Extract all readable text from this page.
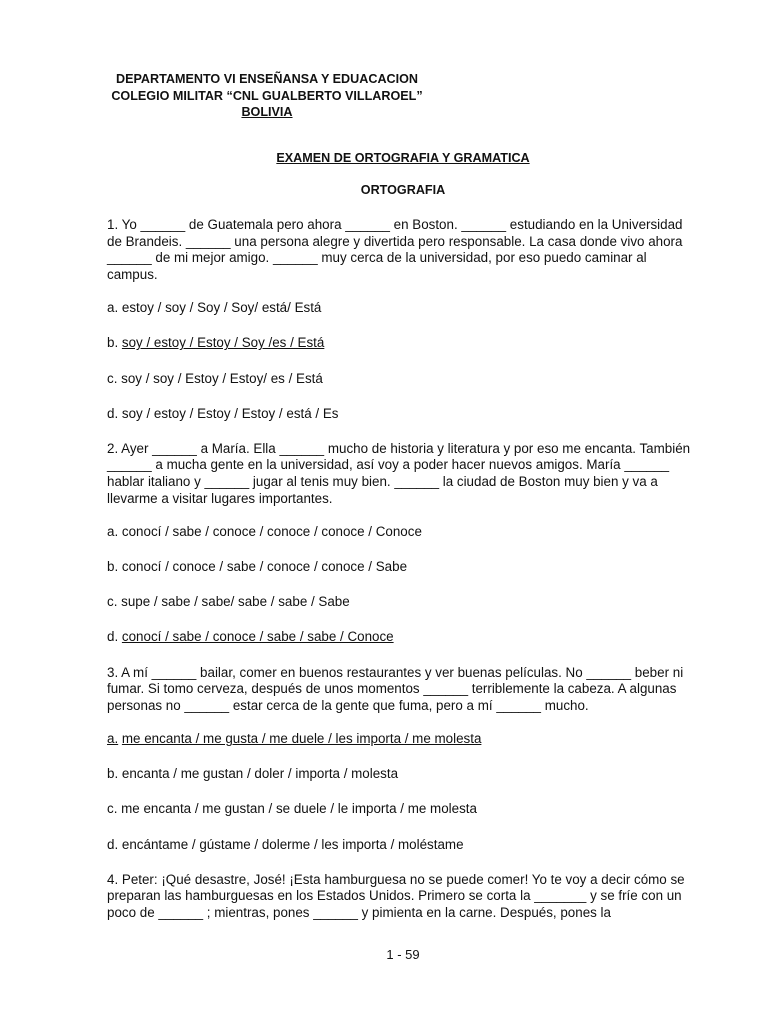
DEPARTAMENTO VI ENSEÑANSA Y EDUACACION
COLEGIO MILITAR “CNL GUALBERTO VILLAROEL”
BOLIVIA
EXAMEN DE ORTOGRAFIA Y GRAMATICA
ORTOGRAFIA
1. Yo ______ de Guatemala pero ahora ______ en Boston. ______ estudiando en la Universidad de Brandeis. ______ una persona alegre y divertida pero responsable. La casa donde vivo ahora ______ de mi mejor amigo. ______ muy cerca de la universidad, por eso puedo caminar al campus.
a. estoy / soy / Soy / Soy/ está/ Está
b. soy / estoy / Estoy / Soy /es / Está
c. soy / soy / Estoy / Estoy/ es / Está
d. soy / estoy / Estoy / Estoy / está / Es
2. Ayer ______ a María. Ella ______ mucho de historia y literatura y por eso me encanta. También ______ a mucha gente en la universidad, así voy a poder hacer nuevos amigos. María ______ hablar italiano y ______ jugar al tenis muy bien. ______ la ciudad de Boston muy bien y va a llevarme a visitar lugares importantes.
a. conocí / sabe / conoce / conoce / conoce / Conoce
b. conocí / conoce / sabe / conoce / conoce / Sabe
c. supe / sabe / sabe/ sabe / sabe / Sabe
d. conocí / sabe / conoce / sabe / sabe / Conoce
3. A mí ______ bailar, comer en buenos restaurantes y ver buenas películas. No ______ beber ni fumar. Si tomo cerveza, después de unos momentos ______ terriblemente la cabeza. A algunas personas no ______ estar cerca de la gente que fuma, pero a mí ______ mucho.
a. me encanta / me gusta / me duele / les importa / me molesta
b. encanta / me gustan / doler / importa / molesta
c. me encanta / me gustan / se duele / le importa / me molesta
d. encántame / gústame / dolerme / les importa / moléstame
4. Peter: ¡Qué desastre, José! ¡Esta hamburguesa no se puede comer! Yo te voy a decir cómo se preparan las hamburguesas en los Estados Unidos. Primero se corta la _______ y se fríe con un poco de ______ ; mientras, pones ______ y pimienta en la carne. Después, pones la
1 - 59
